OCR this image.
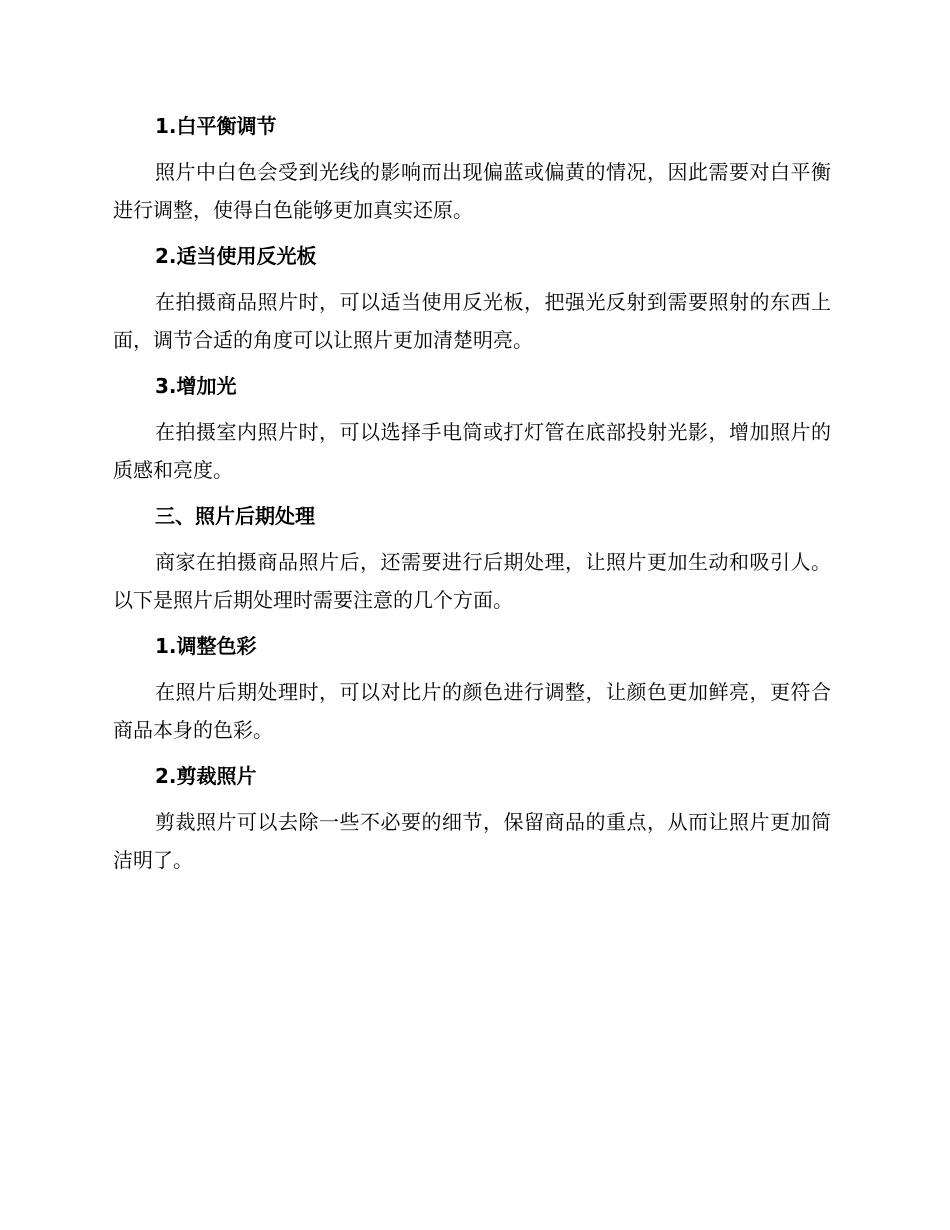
1.白平衡调节

照片中白色会受到光线的影响而出现偏蓝或偏黄的情况，因此需要对白平衡进行调整，使得白色能够更加真实还原。

2.适当使用反光板

在拍摄商品照片时，可以适当使用反光板，把强光反射到需要照射的东西上面，调节合适的角度可以让照片更加清楚明亮。

3.增加光

在拍摄室内照片时，可以选择手电筒或打灯管在底部投射光影，增加照片的质感和亮度。

三、照片后期处理

商家在拍摄商品照片后，还需要进行后期处理，让照片更加生动和吸引人。以下是照片后期处理时需要注意的几个方面。

1.调整色彩

在照片后期处理时，可以对比片的颜色进行调整，让颜色更加鲜亮，更符合商品本身的色彩。

2.剪裁照片

剪裁照片可以去除一些不必要的细节，保留商品的重点，从而让照片更加简洁明了。
